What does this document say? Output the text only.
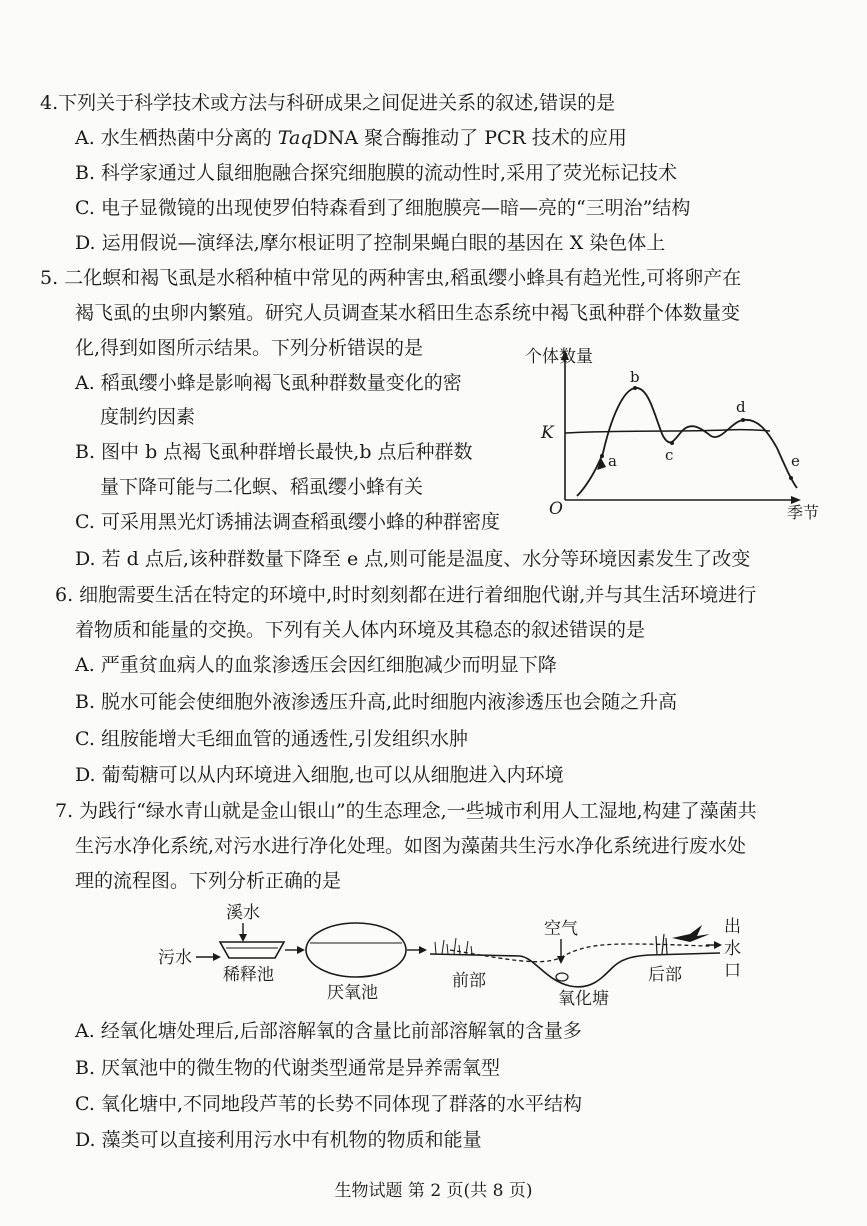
4.下列关于科学技术或方法与科研成果之间促进关系的叙述,错误的是
A. 水生栖热菌中分离的 TaqDNA 聚合酶推动了 PCR 技术的应用
B. 科学家通过人鼠细胞融合探究细胞膜的流动性时,采用了荧光标记技术
C. 电子显微镜的出现使罗伯特森看到了细胞膜亮—暗—亮的“三明治”结构
D. 运用假说—演绎法,摩尔根证明了控制果蝇白眼的基因在 X 染色体上
5. 二化螟和褐飞虱是水稻种植中常见的两种害虫,稻虱缨小蜂具有趋光性,可将卵产在
褐飞虱的虫卵内繁殖。研究人员调查某水稻田生态系统中褐飞虱种群个体数量变
化,得到如图所示结果。下列分析错误的是
A. 稻虱缨小蜂是影响褐飞虱种群数量变化的密
度制约因素
B. 图中 b 点褐飞虱种群增长最快,b 点后种群数
量下降可能与二化螟、稻虱缨小蜂有关
C. 可采用黑光灯诱捕法调查稻虱缨小蜂的种群密度
D. 若 d 点后,该种群数量下降至 e 点,则可能是温度、水分等环境因素发生了改变
个体数量
季节
K
O
a
b
c
d
e
6. 细胞需要生活在特定的环境中,时时刻刻都在进行着细胞代谢,并与其生活环境进行
着物质和能量的交换。下列有关人体内环境及其稳态的叙述错误的是
A. 严重贫血病人的血浆渗透压会因红细胞减少而明显下降
B. 脱水可能会使细胞外液渗透压升高,此时细胞内液渗透压也会随之升高
C. 组胺能增大毛细血管的通透性,引发组织水肿
D. 葡萄糖可以从内环境进入细胞,也可以从细胞进入内环境
7. 为践行“绿水青山就是金山银山”的生态理念,一些城市利用人工湿地,构建了藻菌共
生污水净化系统,对污水进行净化处理。如图为藻菌共生污水净化系统进行废水处
理的流程图。下列分析正确的是
溪水
污水
稀释池
厌氧池
空气
前部
氧化塘
后部
出
水
口
A. 经氧化塘处理后,后部溶解氧的含量比前部溶解氧的含量多
B. 厌氧池中的微生物的代谢类型通常是异养需氧型
C. 氧化塘中,不同地段芦苇的长势不同体现了群落的水平结构
D. 藻类可以直接利用污水中有机物的物质和能量
生物试题 第 2 页(共 8 页)
